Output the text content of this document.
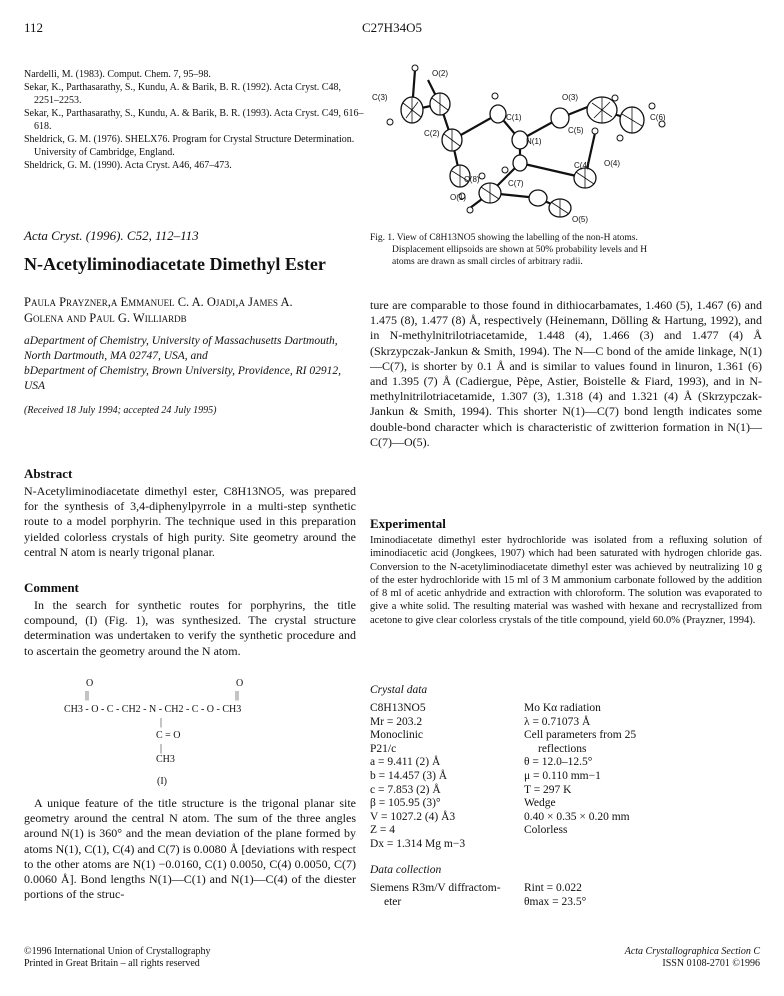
112	C27H34O5

Nardelli, M. (1983). Comput. Chem. 7, 95–98.

Sekar, K., Parthasarathy, S., Kundu, A. & Barik, B. R. (1992). Acta Cryst. C48, 2251–2253.

Sekar, K., Parthasarathy, S., Kundu, A. & Barik, B. R. (1993). Acta Cryst. C49, 616–618.

Sheldrick, G. M. (1976). SHELX76. Program for Crystal Structure Determination. University of Cambridge, England.

Sheldrick, G. M. (1990). Acta Cryst. A46, 467–473.

O(2)
C(3)	O(3)
C(1)	C(6)
C(5)
C(2)
N(1)
C(4) O(4)
O(1)
C(8)	C(7)
O(5)

Fig. 1. View of C8H13NO5 showing the labelling of the non-H atoms.

Displacement ellipsoids are shown at 50% probability levels and H

atoms are drawn as small circles of arbitrary radii.

Acta Cryst. (1996). C52, 112–113
N-Acetyliminodiacetate Dimethyl Ester
Paula Prayzner,a Emmanuel C. A. Ojadi,a James A.
Golena and Paul G. Williardb
aDepartment of Chemistry, University of Massachusetts Dartmouth, North Dartmouth, MA 02747, USA, and
bDepartment of Chemistry, Brown University, Providence, RI 02912, USA
(Received 18 July 1994; accepted 24 July 1995)
Abstract

N-Acetyliminodiacetate dimethyl ester, C8H13NO5, was prepared for the synthesis of 3,4-diphenylpyrrole in a multi-step synthetic route to a model porphyrin. The technique used in this preparation yielded colorless crystals of high purity. Site geometry around the central N atom is nearly trigonal planar.

Comment

In the search for synthetic routes for porphyrins, the title compound, (I) (Fig. 1), was synthesized. The crystal structure determination was undertaken to verify the synthetic procedure and to ascertain the geometry around the N atom.

O	O
||	||
CH3 - O - C - CH2 - N - CH2 - C - O - CH3
|
C = O
|
CH3
(I)

A unique feature of the title structure is the trigonal planar site geometry around the central N atom. The sum of the three angles around N(1) is 360° and the mean deviation of the plane formed by atoms N(1), C(1), C(4) and C(7) is 0.0080 Å [deviations with respect to the other atoms are N(1) −0.0160, C(1) 0.0050, C(4) 0.0050, C(7) 0.0060 Å]. Bond lengths N(1)—C(1) and N(1)—C(4) of the diester portions of the struc-

ture are comparable to those found in dithiocarbamates, 1.460 (5), 1.467 (6) and 1.475 (8), 1.477 (8) Å, respectively (Heinemann, Dölling & Hartung, 1992), and in N-methylnitrilotriacetamide, 1.448 (4), 1.466 (3) and 1.477 (4) Å (Skrzypczak-Jankun & Smith, 1994). The N—C bond of the amide linkage, N(1)—C(7), is shorter by 0.1 Å and is similar to values found in linuron, 1.361 (6) and 1.395 (7) Å (Cadiergue, Pèpe, Astier, Boistelle & Fiard, 1993), and in N-methylnitrilotriacetamide, 1.307 (3), 1.318 (4) and 1.321 (4) Å (Skrzypczak-Jankun & Smith, 1994). This shorter N(1)—C(7) bond length indicates some double-bond character which is characteristic of zwitterion formation in N(1)—C(7)—O(5).

Experimental

Iminodiacetate dimethyl ester hydrochloride was isolated from a refluxing solution of iminodiacetic acid (Jongkees, 1907) which had been saturated with hydrogen chloride gas. Conversion to the N-acetyliminodiacetate dimethyl ester was achieved by neutralizing 10 g of the ester hydrochloride with 15 ml of 3 M ammonium carbonate followed by the addition of 8 ml of acetic anhydride and extraction with chloroform. The solution was evaporated to give a white solid. The resulting material was washed with hexane and recrystallized from acetone to give clear colorless crystals of the title compound, yield 60.0% (Prayzner, 1994).

Crystal data
C8H13NO5
Mr = 203.2
Monoclinic
P21/c
a = 9.411 (2) Å
b = 14.457 (3) Å
c = 7.853 (2) Å
β = 105.95 (3)°
V = 1027.2 (4) Å3
Z = 4
Dx = 1.314 Mg m−3
Mo Kα radiation
λ = 0.71073 Å
Cell parameters from 25
reflections
θ = 12.0–12.5°
μ = 0.110 mm−1
T = 297 K
Wedge
0.40 × 0.35 × 0.20 mm
Colorless
Data collection
Siemens R3m/V diffractom-
eter
Rint = 0.022
θmax = 23.5°
©1996 International Union of Crystallography
Printed in Great Britain – all rights reserved
Acta Crystallographica Section C
ISSN 0108-2701 ©1996
